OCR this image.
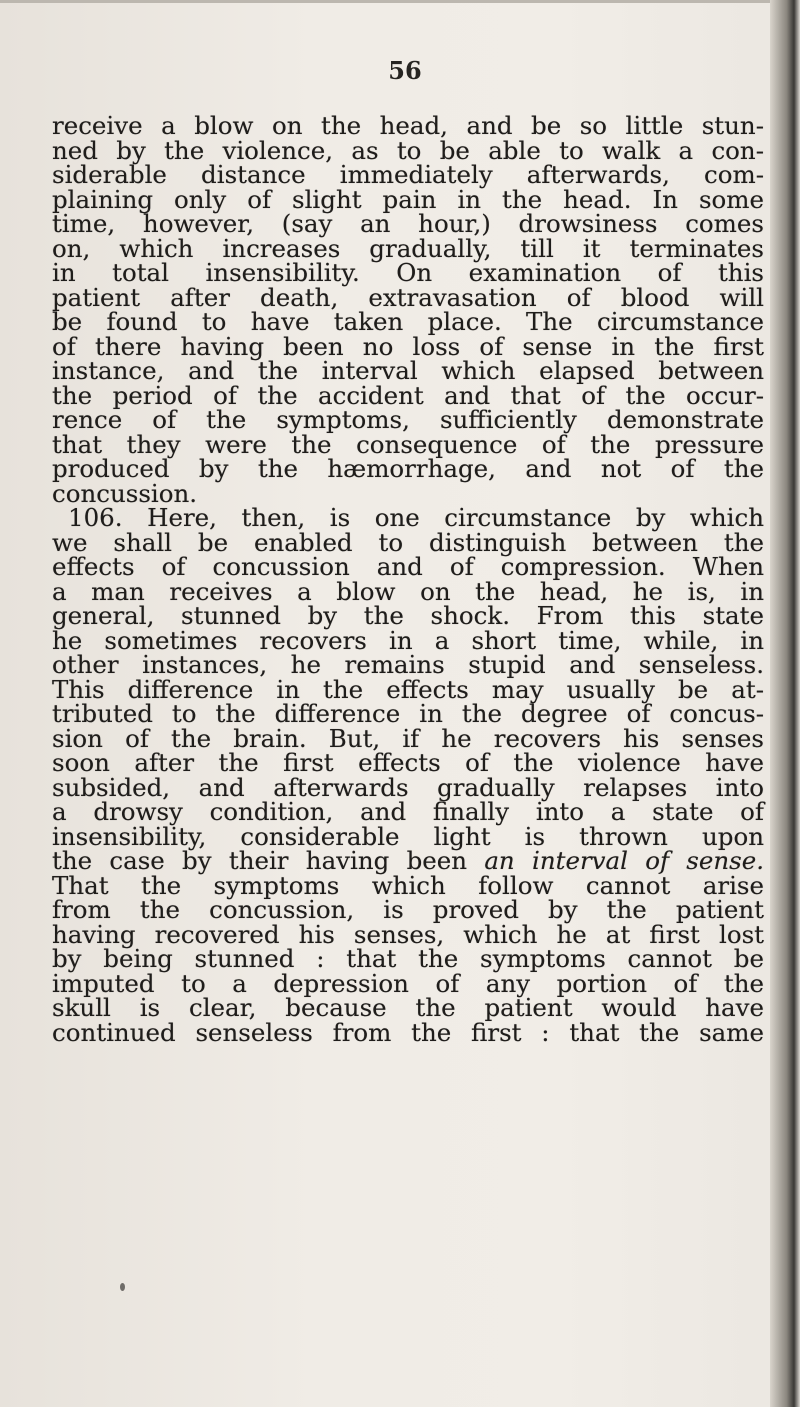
56

receive a blow on the head, and be so little stun-
ned by the violence, as to be able to walk a con-
siderable distance immediately afterwards, com-
plaining only of slight pain in the head. In some
time, however, (say an hour,) drowsiness comes
on, which increases gradually, till it terminates
in total insensibility. On examination of this
patient after death, extravasation of blood will
be found to have taken place. The circumstance
of there having been no loss of sense in the first
instance, and the interval which elapsed between
the period of the accident and that of the occur-
rence of the symptoms, sufficiently demonstrate
that they were the consequence of the pressure
produced by the hæmorrhage, and not of the
concussion.
106. Here, then, is one circumstance by which
we shall be enabled to distinguish between the
effects of concussion and of compression. When
a man receives a blow on the head, he is, in
general, stunned by the shock. From this state
he sometimes recovers in a short time, while, in
other instances, he remains stupid and senseless.
This difference in the effects may usually be at-
tributed to the difference in the degree of concus-
sion of the brain. But, if he recovers his senses
soon after the first effects of the violence have
subsided, and afterwards gradually relapses into
a drowsy condition, and finally into a state of
insensibility, considerable light is thrown upon
the case by their having been an interval of sense.
That the symptoms which follow cannot arise
from the concussion, is proved by the patient
having recovered his senses, which he at first lost
by being stunned : that the symptoms cannot be
imputed to a depression of any portion of the
skull is clear, because the patient would have
continued senseless from the first : that the same
